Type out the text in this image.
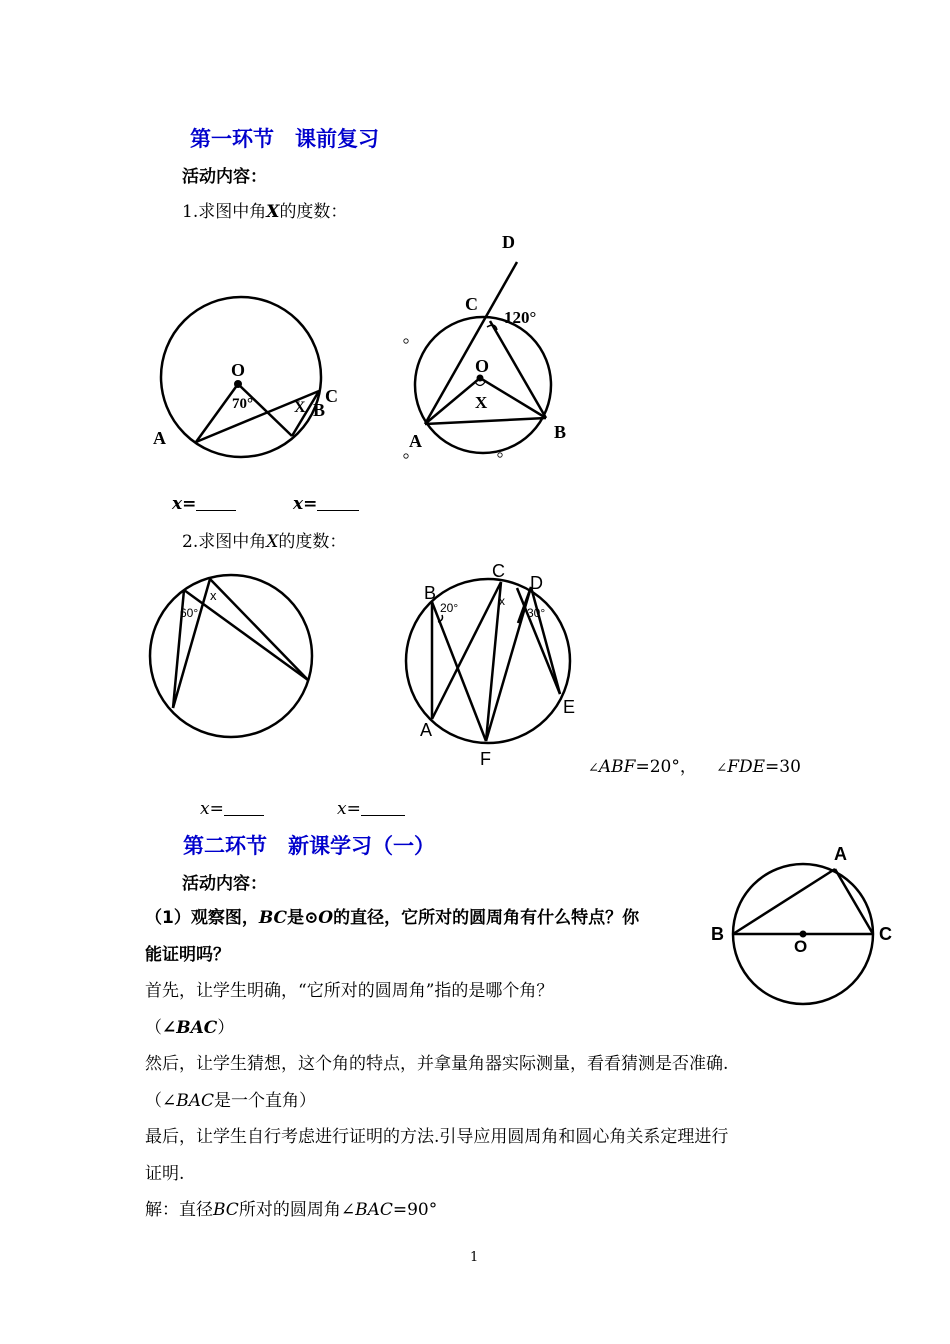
第一环节　课前复习
活动内容：
1.求图中角X的度数：
O
70°	X B
C
A
D
C
120°
O
X
A	B
x=	x=
2.求图中角X的度数：
60°
x	B
C
D
20°	x
30°
E
A
F	∠ABF=20°， ∠FDE=30
x=	x=
第二环节　新课学习（一）
活动内容：
（1）观察图，BC是⊙O的直径，它所对的圆周角有什么特点？你
能证明吗？
A
B	C
O
首先，让学生明确，“它所对的圆周角”指的是哪个角？
（∠BAC）
然后，让学生猜想，这个角的特点，并拿量角器实际测量，看看猜测是否准确.
（∠BAC是一个直角）
最后，让学生自行考虑进行证明的方法.引导应用圆周角和圆心角关系定理进行
证明.
解：直径BC所对的圆周角∠BAC=90°
1
